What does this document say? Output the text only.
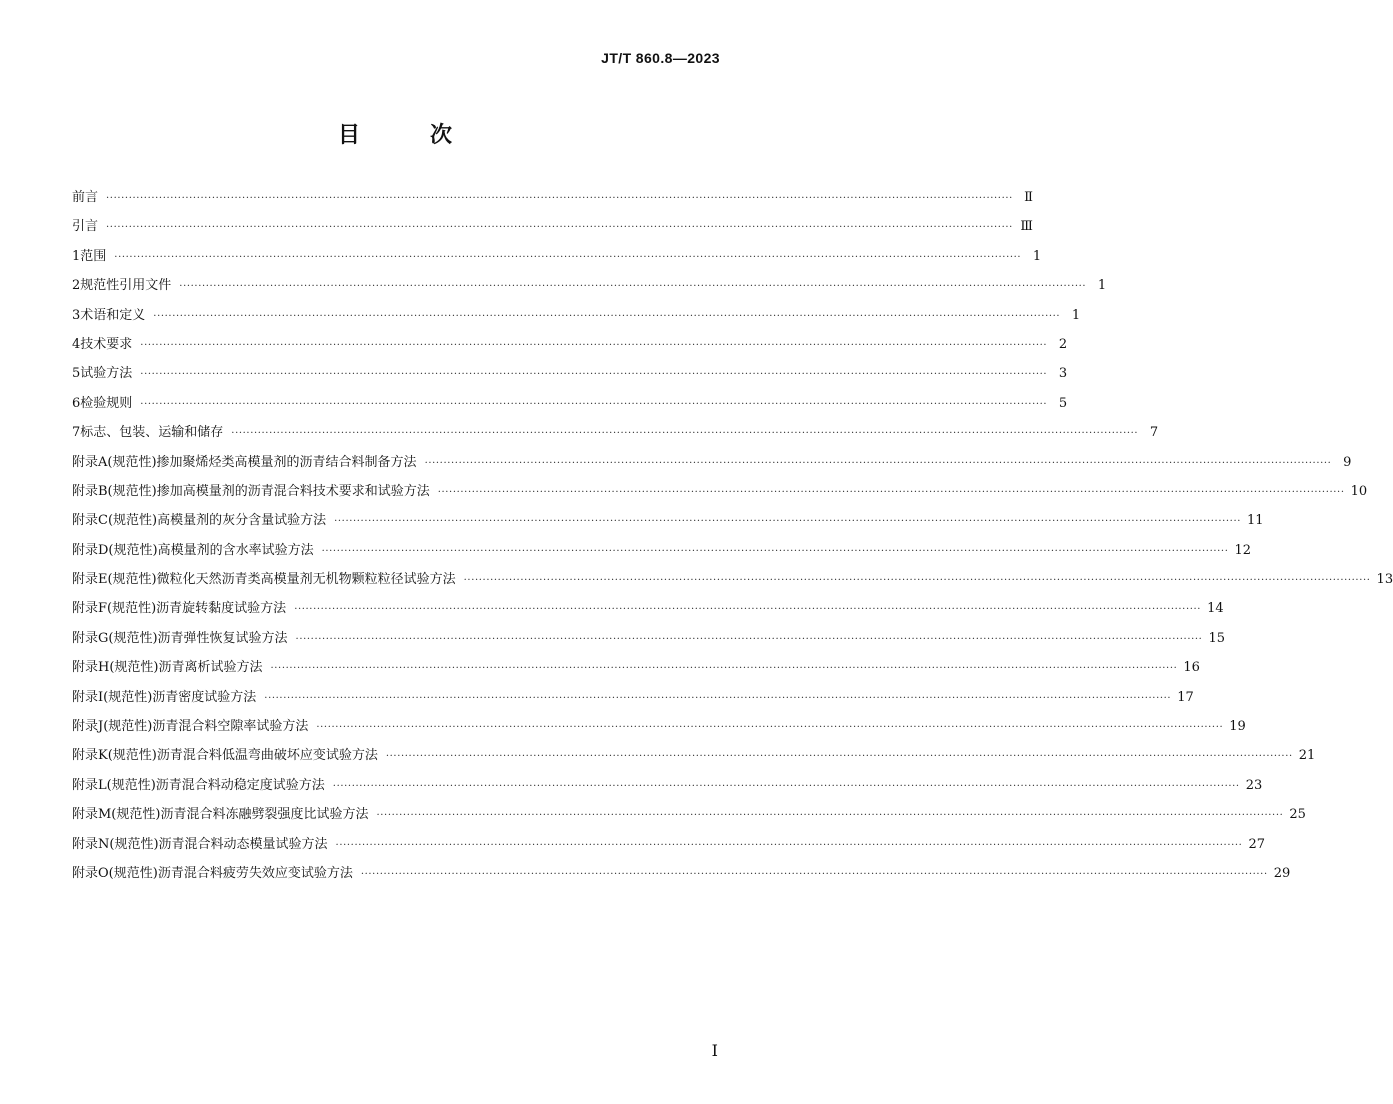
JT/T 860.8—2023
目　次
前言 ················································································································································································································································ Ⅱ
引言 ················································································································································································································································ Ⅲ
1 范围 ················································································································································································································································ 1
2 规范性引用文件 ················································································································································································································································ 1
3 术语和定义 ················································································································································································································································ 1
4 技术要求 ················································································································································································································································ 2
5 试验方法 ················································································································································································································································ 3
6 检验规则 ················································································································································································································································ 5
7 标志、包装、运输和储存 ················································································································································································································································ 7
附录A(规范性) 掺加聚烯烃类高模量剂的沥青结合料制备方法 ················································································································································································································································ 9
附录B(规范性) 掺加高模量剂的沥青混合料技术要求和试验方法 ················································································································································································································································ 10
附录C(规范性) 高模量剂的灰分含量试验方法 ················································································································································································································································ 11
附录D(规范性) 高模量剂的含水率试验方法 ················································································································································································································································ 12
附录E(规范性) 微粒化天然沥青类高模量剂无机物颗粒粒径试验方法 ················································································································································································································································ 13
附录F(规范性) 沥青旋转黏度试验方法 ················································································································································································································································ 14
附录G(规范性) 沥青弹性恢复试验方法 ················································································································································································································································ 15
附录H(规范性) 沥青离析试验方法 ················································································································································································································································ 16
附录I(规范性) 沥青密度试验方法 ················································································································································································································································ 17
附录J(规范性) 沥青混合料空隙率试验方法 ················································································································································································································································ 19
附录K(规范性) 沥青混合料低温弯曲破坏应变试验方法 ················································································································································································································································ 21
附录L(规范性) 沥青混合料动稳定度试验方法 ················································································································································································································································ 23
附录M(规范性) 沥青混合料冻融劈裂强度比试验方法 ················································································································································································································································ 25
附录N(规范性) 沥青混合料动态模量试验方法 ················································································································································································································································ 27
附录O(规范性) 沥青混合料疲劳失效应变试验方法 ················································································································································································································································ 29
I
